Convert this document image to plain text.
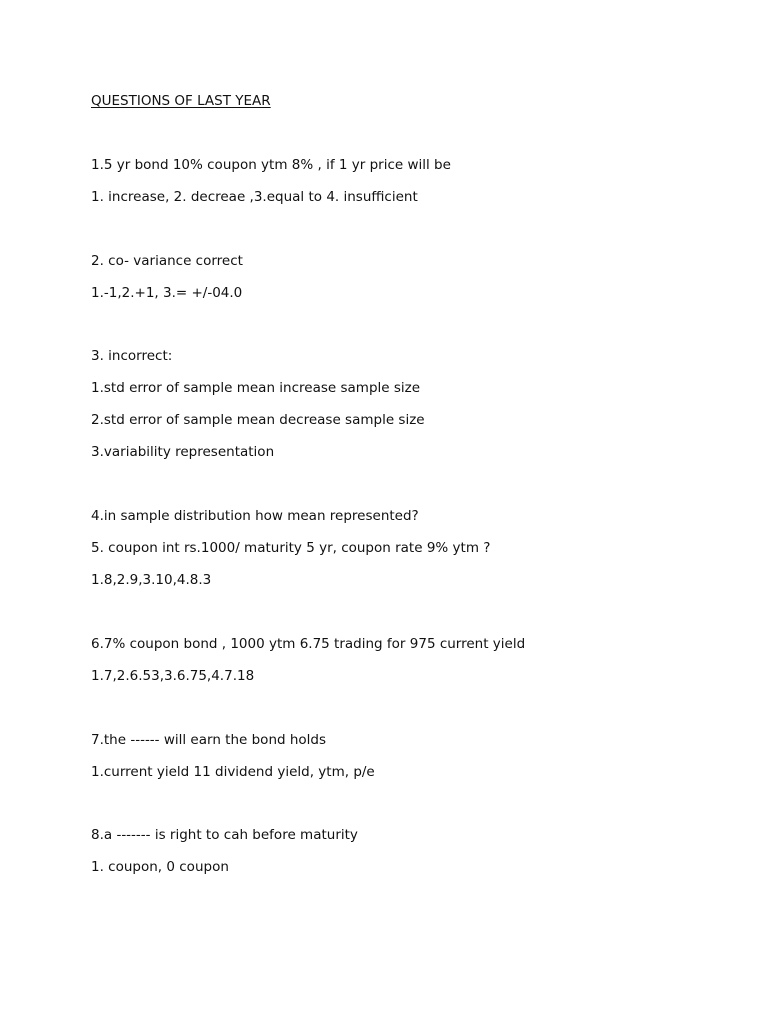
QUESTIONS OF LAST YEAR
1.5 yr bond 10% coupon ytm 8% , if 1 yr price will be
1. increase, 2. decreae ,3.equal to 4. insufficient
2. co- variance correct
1.-1,2.+1, 3.= +/-04.0
3. incorrect:
1.std error of sample mean increase sample size
2.std error of sample mean decrease sample size
3.variability representation
4.in sample distribution how mean represented?
5. coupon int rs.1000/ maturity 5 yr, coupon rate 9% ytm ?
1.8,2.9,3.10,4.8.3
6.7% coupon bond , 1000 ytm 6.75 trading for 975 current yield
1.7,2.6.53,3.6.75,4.7.18
7.the ------ will earn the bond holds
1.current yield 11 dividend yield, ytm, p/e
8.a ------- is right to cah before maturity
1. coupon, 0 coupon
